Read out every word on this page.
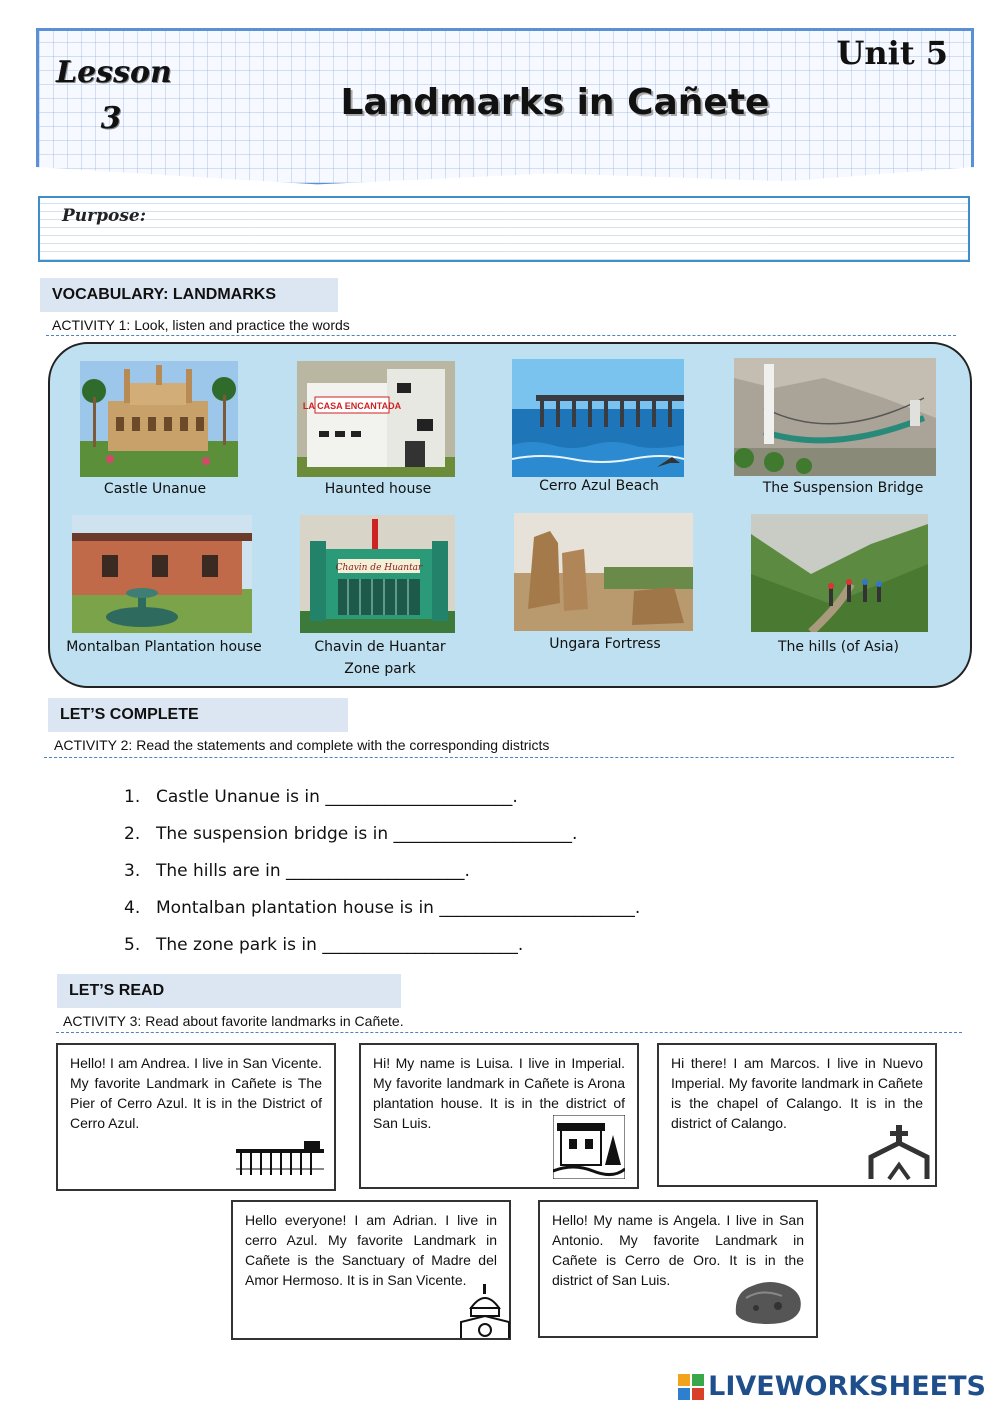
Lesson
3
Unit 5
Landmarks in Cañete
Purpose:
VOCABULARY: LANDMARKS
ACTIVITY 1: Look, listen and practice the words
Castle Unanue
LA CASA ENCANTADA
Haunted house	Cerro Azul Beach	The Suspension Bridge
Montalban Plantation house
Chavin de Huantar
Chavin de Huantar
Zone park
Ungara Fortress	The hills (of Asia)
LET’S COMPLETE
ACTIVITY 2: Read the statements and complete with the corresponding districts
1. Castle Unanue is in ______________________.
2. The suspension bridge is in _____________________.
3. The hills are in _____________________.
4. Montalban plantation house is in _______________________.
5. The zone park is in _______________________.
LET’S READ
ACTIVITY 3: Read about favorite landmarks in Cañete.

Hello! I am Andrea. I live in San Vicente. My favorite Landmark in Cañete is The Pier of Cerro Azul. It is in the District of Cerro Azul.

Hi! My name is Luisa. I live in Imperial. My favorite landmark in Cañete is Arona plantation house. It is in the district of San Luis.

Hi there! I am Marcos. I live in Nuevo Imperial. My favorite landmark in Cañete is the chapel of Calango. It is in the district of Calango.

Hello everyone! I am Adrian. I live in cerro Azul. My favorite Landmark in Cañete is the Sanctuary of Madre del Amor Hermoso. It is in San Vicente.

Hello! My name is Angela. I live in San Antonio. My favorite Landmark in Cañete is Cerro de Oro. It is in the district of San Luis.

LIVEWORKSHEETS
